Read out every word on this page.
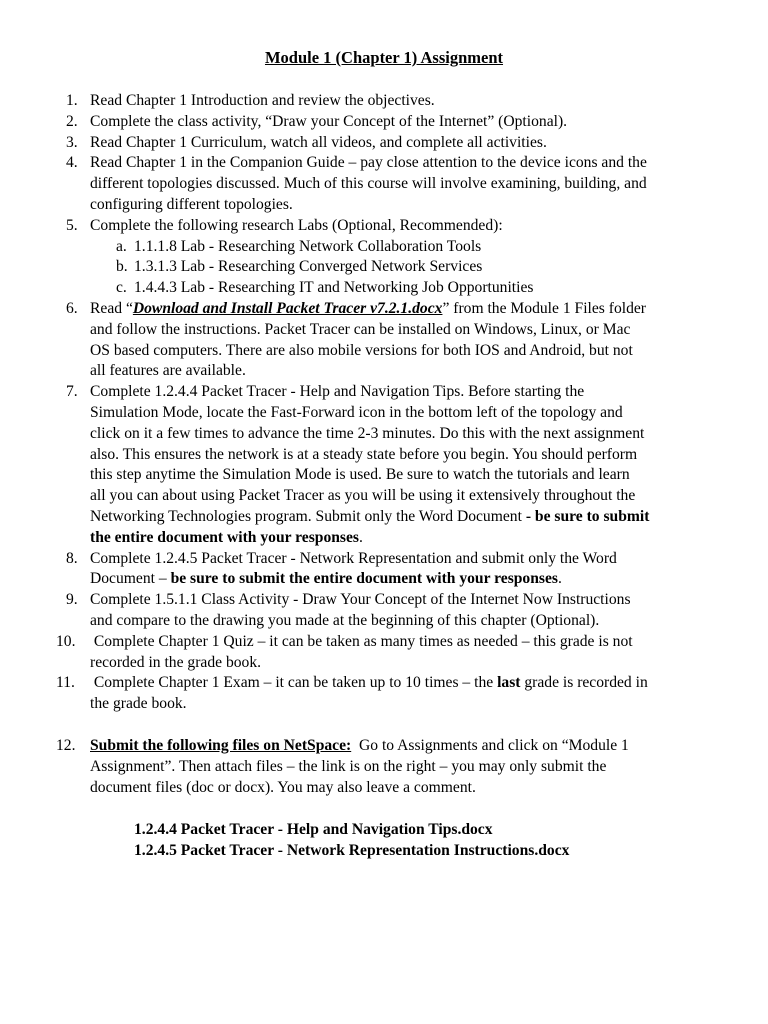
Module 1 (Chapter 1) Assignment
1. Read Chapter 1 Introduction and review the objectives.
2. Complete the class activity, “Draw your Concept of the Internet” (Optional).
3. Read Chapter 1 Curriculum, watch all videos, and complete all activities.
4. Read Chapter 1 in the Companion Guide – pay close attention to the device icons and the
different topologies discussed. Much of this course will involve examining, building, and
configuring different topologies.
5. Complete the following research Labs (Optional, Recommended):
a. 1.1.1.8 Lab - Researching Network Collaboration Tools
b. 1.3.1.3 Lab - Researching Converged Network Services
c. 1.4.4.3 Lab - Researching IT and Networking Job Opportunities
6. Read “Download and Install Packet Tracer v7.2.1.docx” from the Module 1 Files folder
and follow the instructions. Packet Tracer can be installed on Windows, Linux, or Mac
OS based computers. There are also mobile versions for both IOS and Android, but not
all features are available.
7. Complete 1.2.4.4 Packet Tracer - Help and Navigation Tips. Before starting the
Simulation Mode, locate the Fast-Forward icon in the bottom left of the topology and
click on it a few times to advance the time 2-3 minutes. Do this with the next assignment
also. This ensures the network is at a steady state before you begin. You should perform
this step anytime the Simulation Mode is used. Be sure to watch the tutorials and learn
all you can about using Packet Tracer as you will be using it extensively throughout the
Networking Technologies program. Submit only the Word Document - be sure to submit
the entire document with your responses.
8. Complete 1.2.4.5 Packet Tracer - Network Representation and submit only the Word
Document – be sure to submit the entire document with your responses.
9. Complete 1.5.1.1 Class Activity - Draw Your Concept of the Internet Now Instructions
and compare to the drawing you made at the beginning of this chapter (Optional).
10. Complete Chapter 1 Quiz – it can be taken as many times as needed – this grade is not
recorded in the grade book.
11. Complete Chapter 1 Exam – it can be taken up to 10 times – the last grade is recorded in
the grade book.
12. Submit the following files on NetSpace:  Go to Assignments and click on “Module 1
Assignment”. Then attach files – the link is on the right – you may only submit the
document files (doc or docx). You may also leave a comment.
1.2.4.4 Packet Tracer - Help and Navigation Tips.docx
1.2.4.5 Packet Tracer - Network Representation Instructions.docx
